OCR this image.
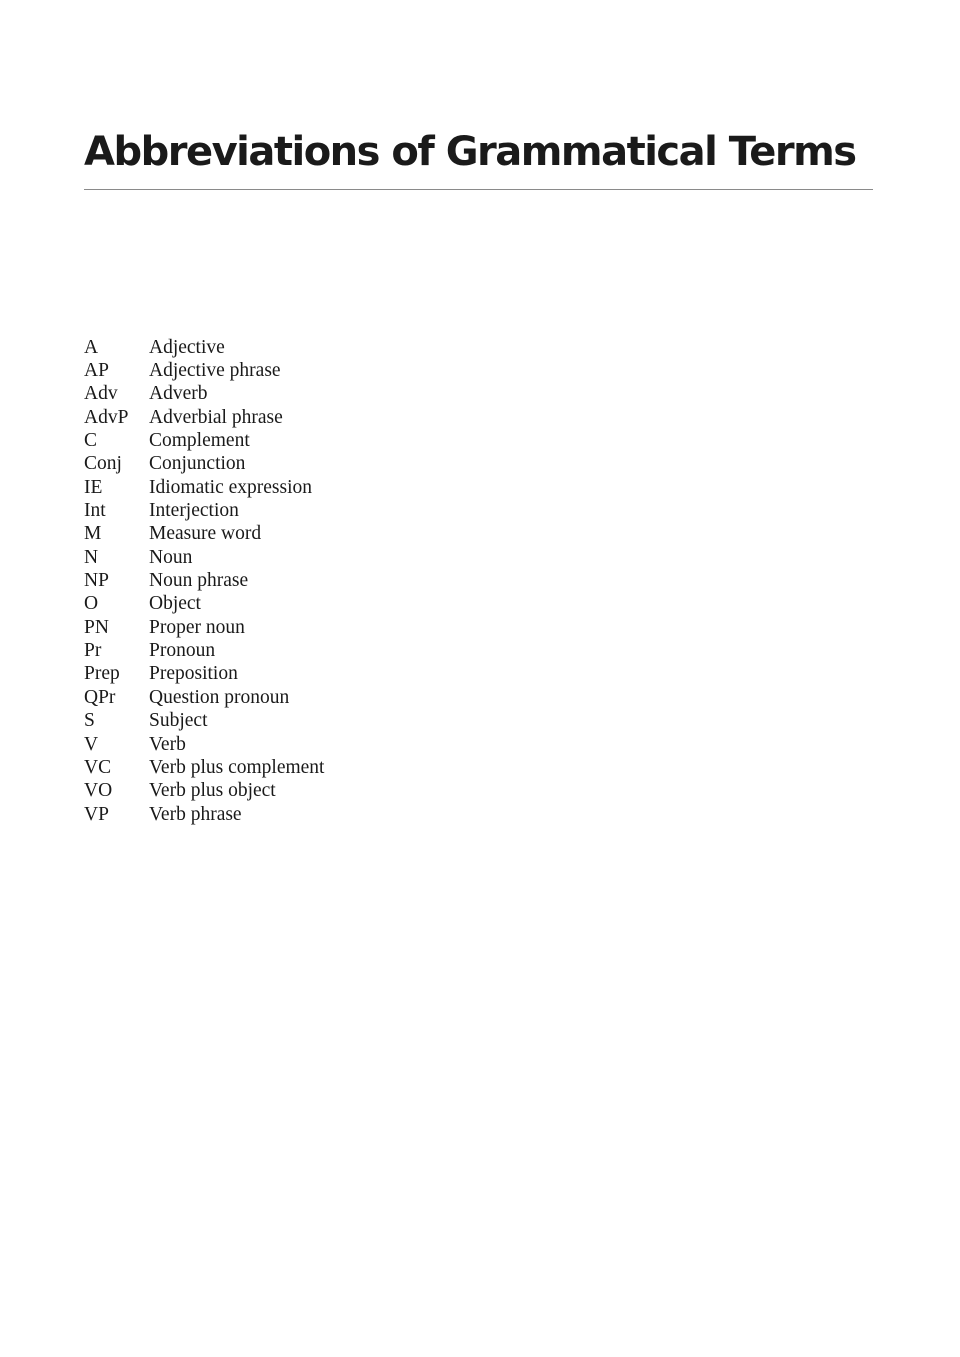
Abbreviations of Grammatical Terms
A	Adjective
AP	Adjective phrase
Adv	Adverb
AdvP	Adverbial phrase
C	Complement
Conj	Conjunction
IE	Idiomatic expression
Int	Interjection
M	Measure word
N	Noun
NP	Noun phrase
O	Object
PN	Proper noun
Pr	Pronoun
Prep	Preposition
QPr	Question pronoun
S	Subject
V	Verb
VC	Verb plus complement
VO	Verb plus object
VP	Verb phrase
